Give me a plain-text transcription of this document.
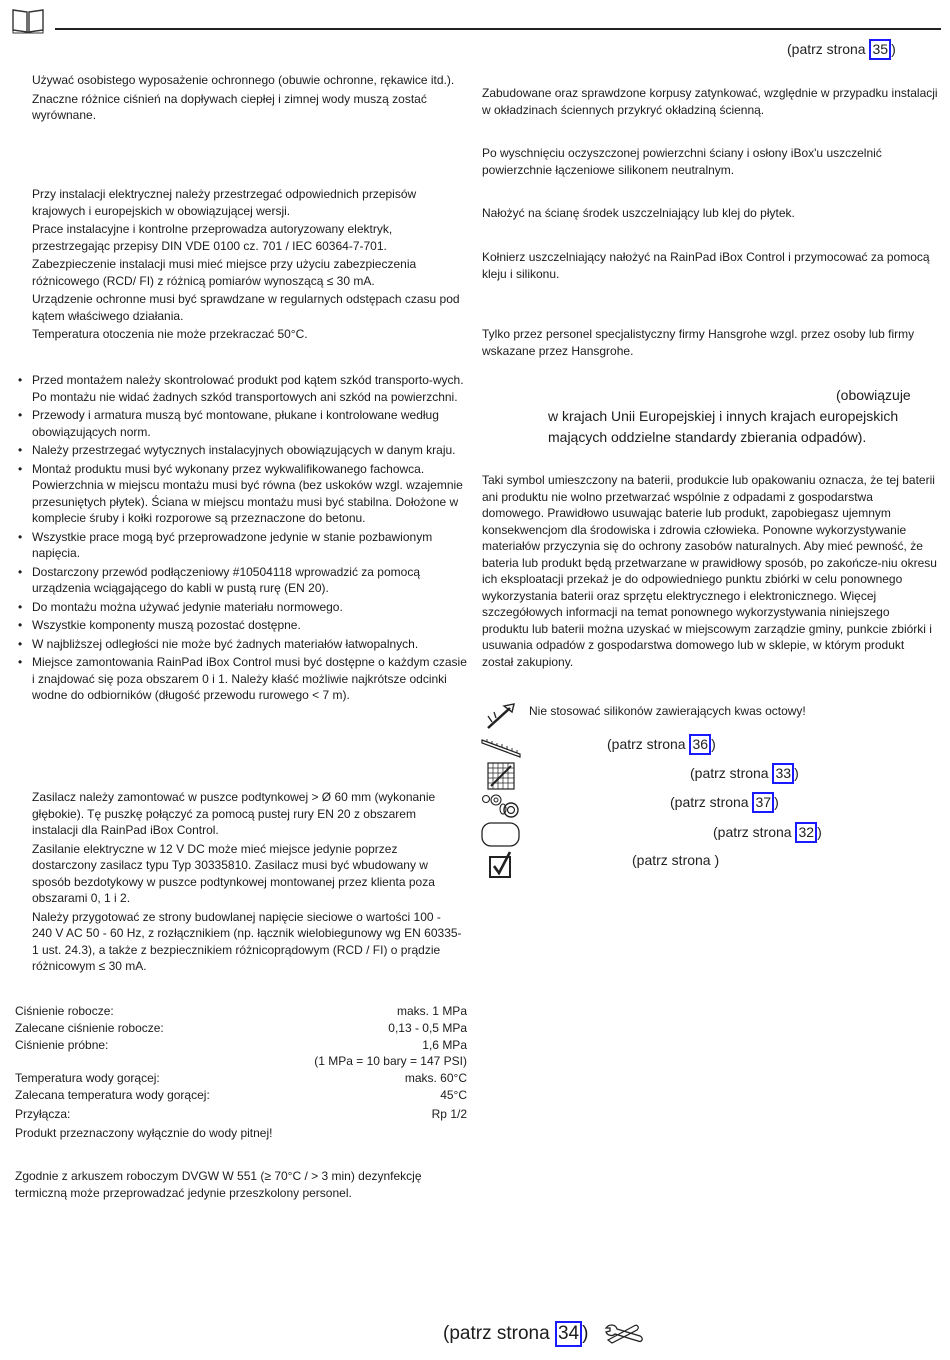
(patrz strona 35 )

Używać osobistego wyposażenie ochronnego (obuwie ochronne, rękawice itd.).

Znaczne różnice ciśnień na dopływach ciepłej i zimnej wody muszą zostać wyrównane.

Przy instalacji elektrycznej należy przestrzegać odpowiednich przepisów krajowych i europejskich w obowiązującej wersji.

Prace instalacyjne i kontrolne przeprowadza autoryzowany elektryk, przestrzegając przepisy DIN VDE 0100 cz. 701 / IEC 60364-7-701.

Zabezpieczenie instalacji musi mieć miejsce przy użyciu zabezpieczenia różnicowego (RCD/ FI) z różnicą pomiarów wynoszącą ≤ 30 mA.

Urządzenie ochronne musi być sprawdzane w regularnych odstępach czasu pod kątem właściwego działania.

Temperatura otoczenia nie może przekraczać 50°C.

• Przed montażem należy skontrolować produkt pod kątem szkód transporto-wych. Po montażu nie widać żadnych szkód transportowych ani szkód na powierzchni.
• Przewody i armatura muszą być montowane, płukane i kontrolowane według obowiązujących norm.
• Należy przestrzegać wytycznych instalacyjnych obowiązujących w danym kraju.
• Montaż produktu musi być wykonany przez wykwalifikowanego fachowca. Powierzchnia w miejscu montażu musi być równa (bez uskoków wzgl. wzajemnie przesuniętych płytek). Ściana w miejscu montażu musi być stabilna. Dołożone w komplecie śruby i kołki rozporowe są przeznaczone do betonu.
• Wszystkie prace mogą być przeprowadzone jedynie w stanie pozbawionym napięcia.
• Dostarczony przewód podłączeniowy #10504118 wprowadzić za pomocą urządzenia wciągającego do kabli w pustą rurę (EN 20).
• Do montażu można używać jedynie materiału normowego.
• Wszystkie komponenty muszą pozostać dostępne.
• W najbliższej odległości nie może być żadnych materiałów łatwopalnych.
• Miejsce zamontowania RainPad iBox Control musi być dostępne o każdym czasie i znajdować się poza obszarem 0 i 1. Należy kłaść możliwie najkrótsze odcinki wodne do odbiorników (długość przewodu rurowego < 7 m).

Zasilacz należy zamontować w puszce podtynkowej > Ø 60 mm (wykonanie głębokie). Tę puszkę połączyć za pomocą pustej rury EN 20 z obszarem instalacji dla RainPad iBox Control.

Zasilanie elektryczne w 12 V DC może mieć miejsce jedynie poprzez dostarczony zasilacz typu Typ 30335810. Zasilacz musi być wbudowany w sposób bezdotykowy w puszce podtynkowej montowanej przez klienta poza obszarami 0, 1 i 2.

Należy przygotować ze strony budowlanej napięcie sieciowe o wartości 100 - 240 V AC 50 - 60 Hz, z rozłącznikiem (np. łącznik wielobiegunowy wg EN 60335-1 ust. 24.3), a także z bezpiecznikiem różnicoprądowym (RCD / FI) o prądzie różnicowym ≤ 30 mA.

Ciśnienie robocze:	maks. 1 MPa
Zalecane ciśnienie robocze:	0,13 - 0,5 MPa
Ciśnienie próbne:	1,6 MPa
(1 MPa = 10 bary = 147 PSI)
Temperatura wody gorącej:	maks. 60°C
Zalecana temperatura wody gorącej:	45°C
Przyłącza:	Rp 1/2
Produkt przeznaczony wyłącznie do wody pitnej!

Zgodnie z arkuszem roboczym DVGW W 551 (≥ 70°C / > 3 min) dezynfekcję termiczną może przeprowadzać jedynie przeszkolony personel.

Zabudowane oraz sprawdzone korpusy zatynkować, względnie w przypadku instalacji w okładzinach ściennych przykryć okładziną ścienną.

Po wyschnięciu oczyszczonej powierzchni ściany i osłony iBox'u uszczelnić powierzchnie łączeniowe silikonem neutralnym.

Nałożyć na ścianę środek uszczelniający lub klej do płytek.

Kołnierz uszczelniający nałożyć na RainPad iBox Control i przymocować za pomocą kleju i silikonu.

Tylko przez personel specjalistyczny firmy Hansgrohe wzgl. przez osoby lub firmy wskazane przez Hansgrohe.

(obowiązuje
w krajach Unii Europejskiej i innych krajach europejskich
mających oddzielne standardy zbierania odpadów).

Taki symbol umieszczony na baterii, produkcie lub opakowaniu oznacza, że tej baterii ani produktu nie wolno przetwarzać wspólnie z odpadami z gospodarstwa domowego. Prawidłowo usuwając baterie lub produkt, zapobiegasz ujemnym konsekwencjom dla środowiska i zdrowia człowieka. Ponowne wykorzystywanie materiałów przyczynia się do ochrony zasobów naturalnych. Aby mieć pewność, że bateria lub produkt będą przetwarzane w prawidłowy sposób, po zakończe-niu okresu ich eksploatacji przekaż je do odpowiedniego punktu zbiórki w celu ponownego wykorzystania baterii oraz sprzętu elektrycznego i elektronicznego. Więcej szczegółowych informacji na temat ponownego wykorzystywania niniejszego produktu lub baterii można uzyskać w miejscowym zarządzie gminy, punkcie zbiórki i usuwania odpadów z gospodarstwa domowego lub w sklepie, w którym produkt został zakupiony.

Nie stosować silikonów zawierających kwas octowy!
(patrz strona 36 )
(patrz strona 33 )
(patrz strona 37 )
(patrz strona 32 )
(patrz strona )
(patrz strona 34 )
